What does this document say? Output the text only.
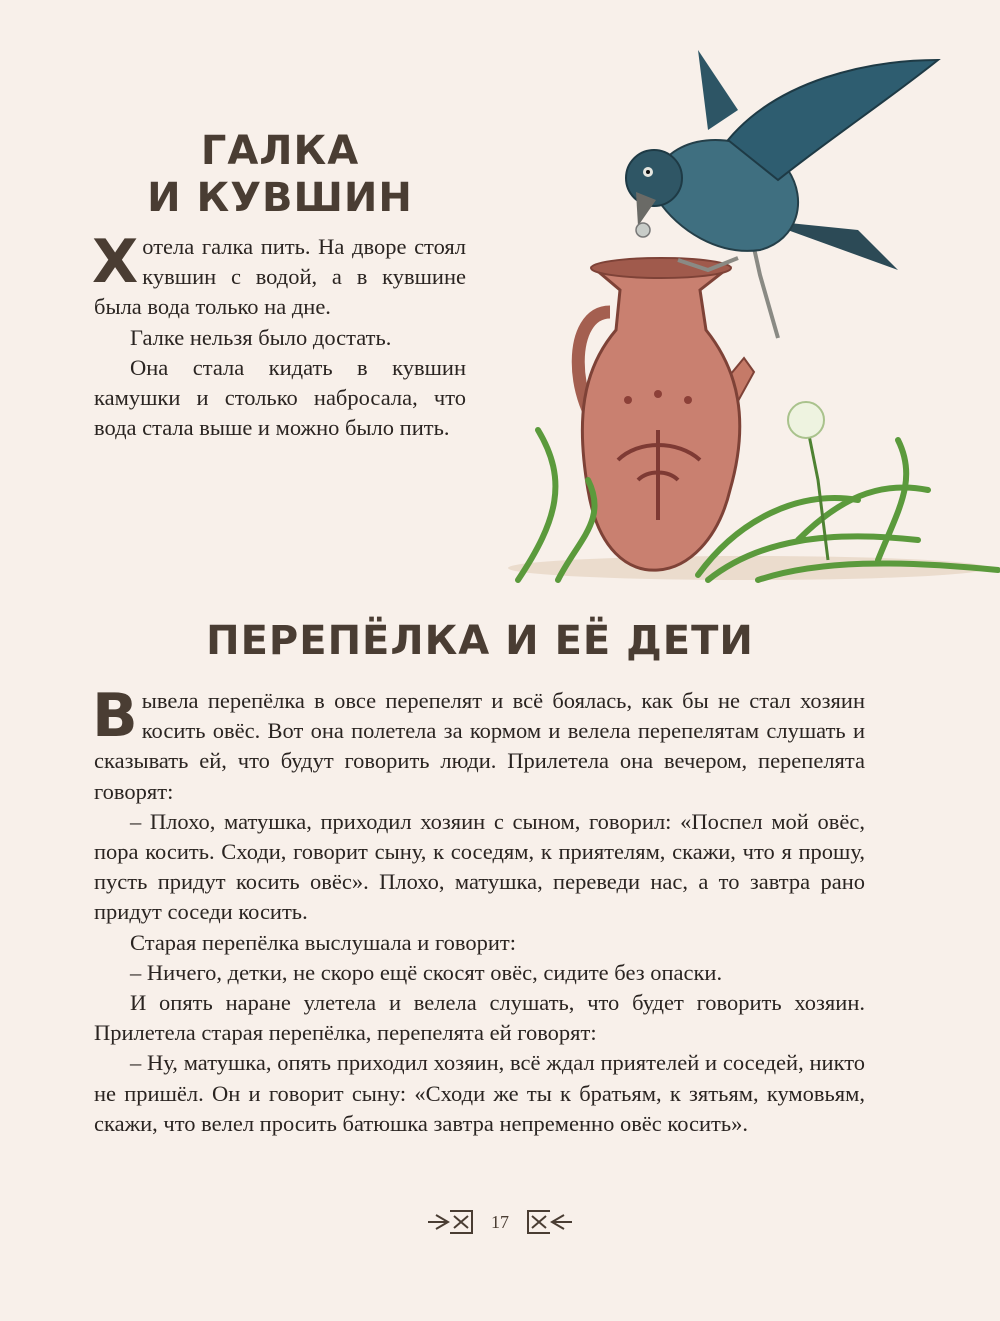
ГАЛКА
И КУВШИН

Хотела галка пить. На дворе стоял кувшин с водой, а в кувшине была вода только на дне.

Галке нельзя было достать.

Она стала кидать в кувшин камушки и столько набросала, что вода стала выше и можно было пить.

ПЕРЕПЁЛКА И ЕЁ ДЕТИ

Вывела перепёлка в овсе перепелят и всё боялась, как бы не стал хозяин косить овёс. Вот она полетела за кормом и велела перепелятам слушать и сказывать ей, что будут говорить люди. Прилетела она вечером, перепелята говорят:

– Плохо, матушка, приходил хозяин с сыном, говорил: «Поспел мой овёс, пора косить. Сходи, говорит сыну, к соседям, к приятелям, скажи, что я прошу, пусть придут косить овёс». Плохо, матушка, переведи нас, а то завтра рано придут соседи косить.

Старая перепёлка выслушала и говорит:

– Ничего, детки, не скоро ещё скосят овёс, сидите без опаски.

И опять наране улетела и велела слушать, что будет говорить хозяин. Прилетела старая перепёлка, перепелята ей говорят:

– Ну, матушка, опять приходил хозяин, всё ждал приятелей и соседей, никто не пришёл. Он и говорит сыну: «Сходи же ты к братьям, к зятьям, кумовьям, скажи, что велел просить батюшка завтра непременно овёс косить».

17
